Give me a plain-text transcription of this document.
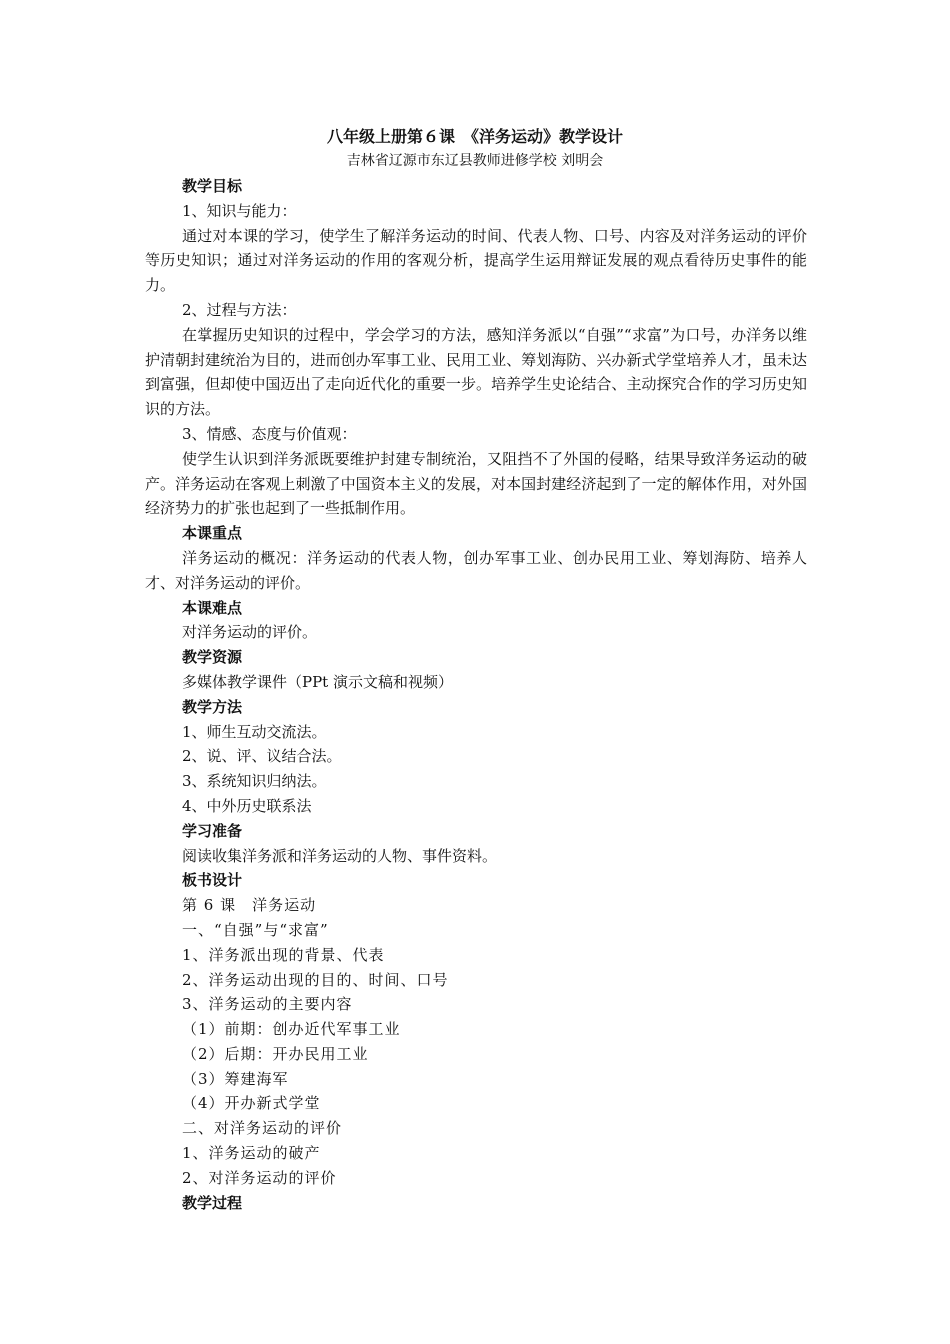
八年级上册第６课　《洋务运动》教学设计
吉林省辽源市东辽县教师进修学校 刘明会

教学目标

1、知识与能力：

通过对本课的学习，使学生了解洋务运动的时间、代表人物、口号、内容及对洋务运动的评价等历史知识；通过对洋务运动的作用的客观分析，提高学生运用辩证发展的观点看待历史事件的能力。

2、过程与方法：

在掌握历史知识的过程中，学会学习的方法，感知洋务派以“自强”“求富”为口号，办洋务以维护清朝封建统治为目的，进而创办军事工业、民用工业、筹划海防、兴办新式学堂培养人才，虽未达到富强，但却使中国迈出了走向近代化的重要一步。培养学生史论结合、主动探究合作的学习历史知识的方法。

3、情感、态度与价值观：

使学生认识到洋务派既要维护封建专制统治，又阻挡不了外国的侵略，结果导致洋务运动的破产。洋务运动在客观上刺激了中国资本主义的发展，对本国封建经济起到了一定的解体作用，对外国经济势力的扩张也起到了一些抵制作用。

本课重点

洋务运动的概况：洋务运动的代表人物，创办军事工业、创办民用工业、筹划海防、培养人才、对洋务运动的评价。

本课难点

对洋务运动的评价。

教学资源

多媒体教学课件（PPt 演示文稿和视频）

教学方法

1、师生互动交流法。

2、说、评、议结合法。

3、系统知识归纳法。

4、中外历史联系法

学习准备

阅读收集洋务派和洋务运动的人物、事件资料。

板书设计

第 6 课　洋务运动

一、“自强”与“求富”

1、洋务派出现的背景、代表

2、洋务运动出现的目的、时间、口号

3、洋务运动的主要内容

（1）前期：创办近代军事工业

（2）后期：开办民用工业

（3）筹建海军

（4）开办新式学堂

二、对洋务运动的评价

1、洋务运动的破产

2、对洋务运动的评价

教学过程
